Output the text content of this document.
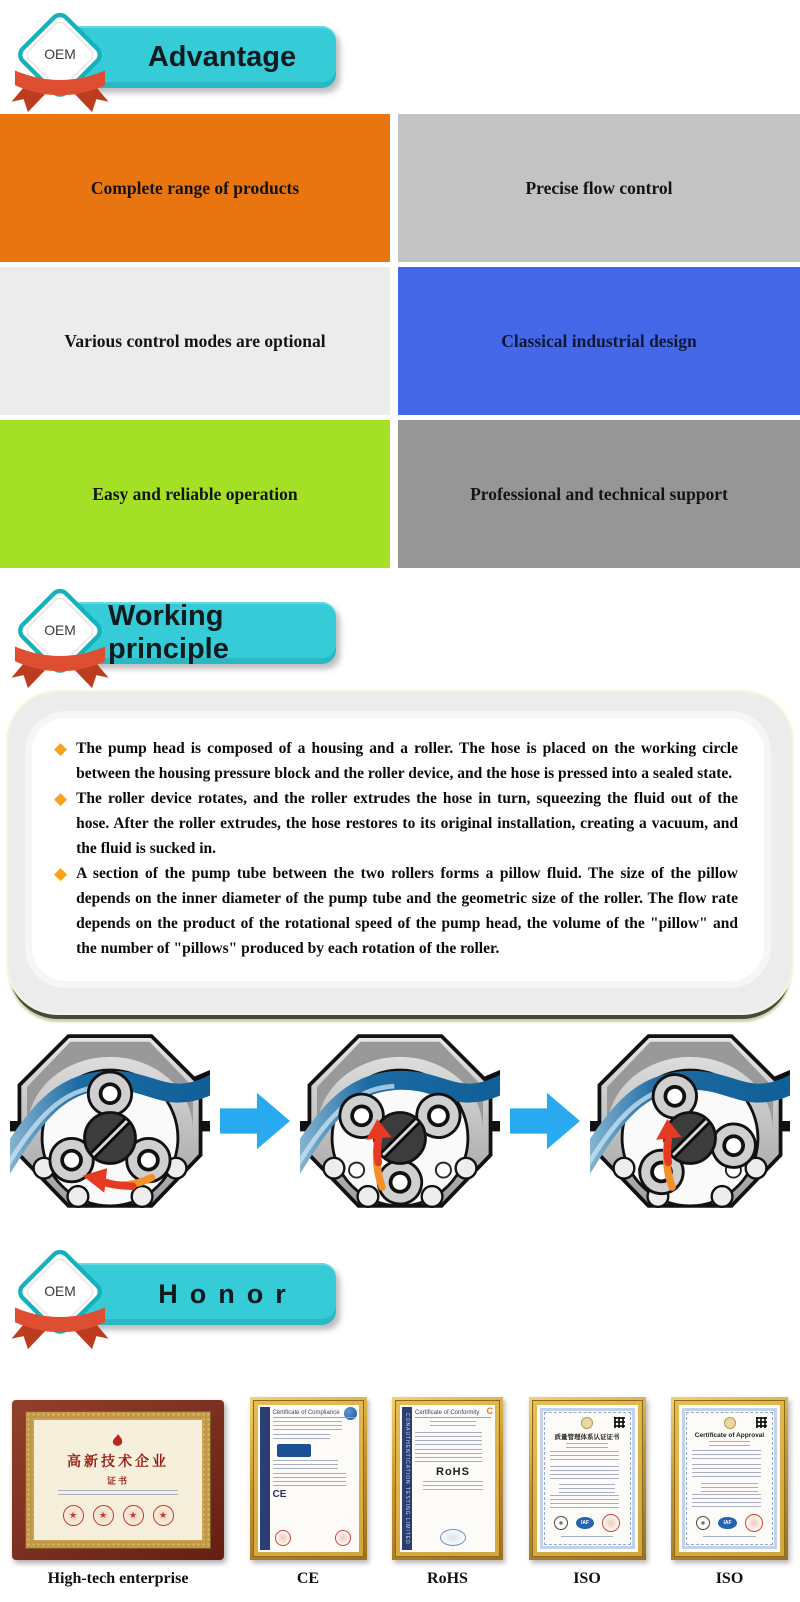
OEM Advantage
Complete range of products	Precise flow control
Various control modes are optional	Classical industrial design
Easy and reliable operation	Professional and technical support
OEM Working principle
◆ The pump head is composed of a housing and a roller. The hose is placed on the working circle between the housing pressure block and the roller device, and the hose is pressed into a sealed state.

◆ The roller device rotates, and the roller extrudes the hose in turn, squeezing the fluid out of the hose. After the roller extrudes, the hose restores to its original installation, creating a vacuum, and the fluid is sucked in.

◆ A section of the pump tube between the two rollers forms a pillow fluid. The size of the pillow depends on the inner diameter of the pump tube and the geometric size of the roller. The flow rate depends on the product of the rotational speed of the pump head, the volume of the "pillow" and the number of "pillows" produced by each rotation of the roller.

OEM	Honor
高新技术企业
证书
★	★	★	★
High-tech enterprise
Certificate of Compliance
CE
CE
CONAUTHENTICATION TESTING LIMITED
C
Certificate of Conformity
RoHS
RoHS
质量管理体系认证证书
IAF
ISO
Certificate of Approval
IAF
ISO
